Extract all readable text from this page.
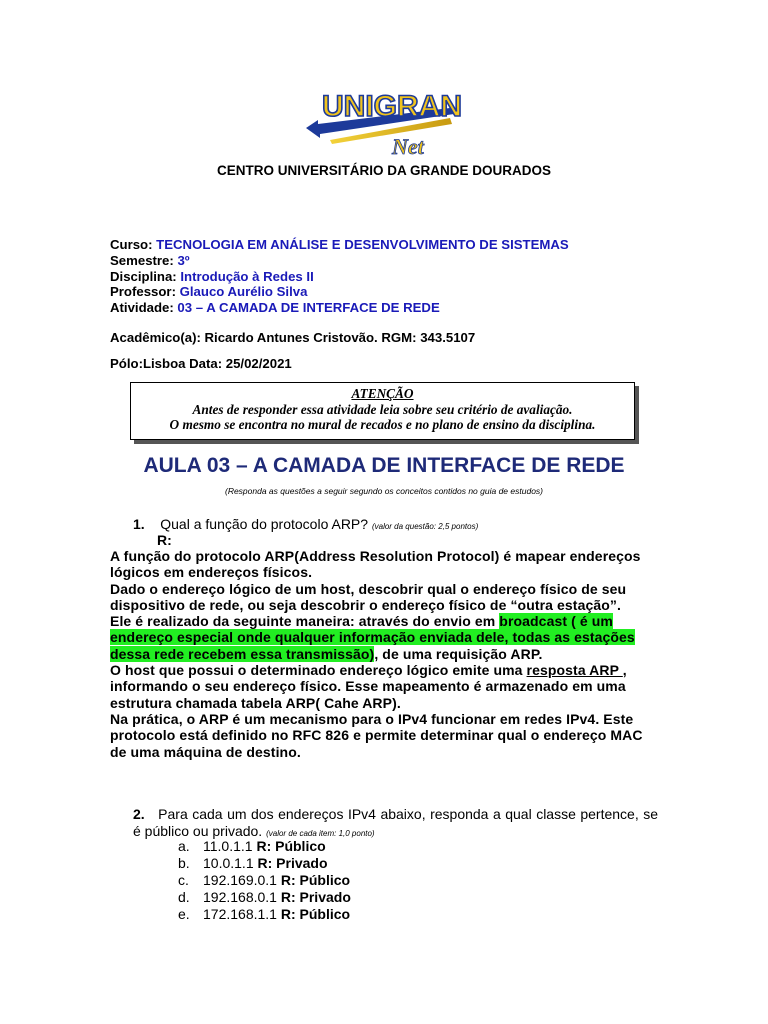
UNIGRAN
Net
CENTRO UNIVERSITÁRIO DA GRANDE DOURADOS
Curso: TECNOLOGIA EM ANÁLISE E DESENVOLVIMENTO DE SISTEMAS
Semestre: 3º
Disciplina: Introdução à Redes II
Professor: Glauco Aurélio Silva
Atividade: 03 – A CAMADA DE INTERFACE DE REDE
Acadêmico(a): Ricardo Antunes Cristovão. RGM: 343.5107
Pólo:Lisboa Data: 25/02/2021
ATENÇÃO
Antes de responder essa atividade leia sobre seu critério de avaliação.
O mesmo se encontra no mural de recados e no plano de ensino da disciplina.
AULA 03 – A CAMADA DE INTERFACE DE REDE
(Responda as questões a seguir segundo os conceitos contidos no guia de estudos)
1. Qual a função do protocolo ARP? (valor da questão: 2,5 pontos)
R:

A função do protocolo ARP(Address Resolution Protocol) é mapear endereços lógicos em endereços físicos.

Dado o endereço lógico de um host, descobrir qual o endereço físico de seu dispositivo de rede, ou seja descobrir o endereço físico de “outra estação”.

Ele é realizado da seguinte maneira: através do envio em broadcast ( é um endereço especial onde qualquer informação enviada dele, todas as estações dessa rede recebem essa transmissão), de uma requisição ARP.

O host que possui o determinado endereço lógico emite uma resposta ARP , informando o seu endereço físico. Esse mapeamento é armazenado em uma estrutura chamada tabela ARP( Cahe ARP).

Na prática, o ARP é um mecanismo para o IPv4 funcionar em redes IPv4. Este protocolo está definido no RFC 826 e permite determinar qual o endereço MAC de uma máquina de destino.

2. Para cada um dos endereços IPv4 abaixo, responda a qual classe pertence, se é público ou privado. (valor de cada item: 1,0 ponto)
a. 11.0.1.1
R: Público
b. 10.0.1.1
R: Privado
c.	192.169.0.1
R: Público
d. 192.168.0.1
R: Privado
e. 172.168.1.1
R: Público
